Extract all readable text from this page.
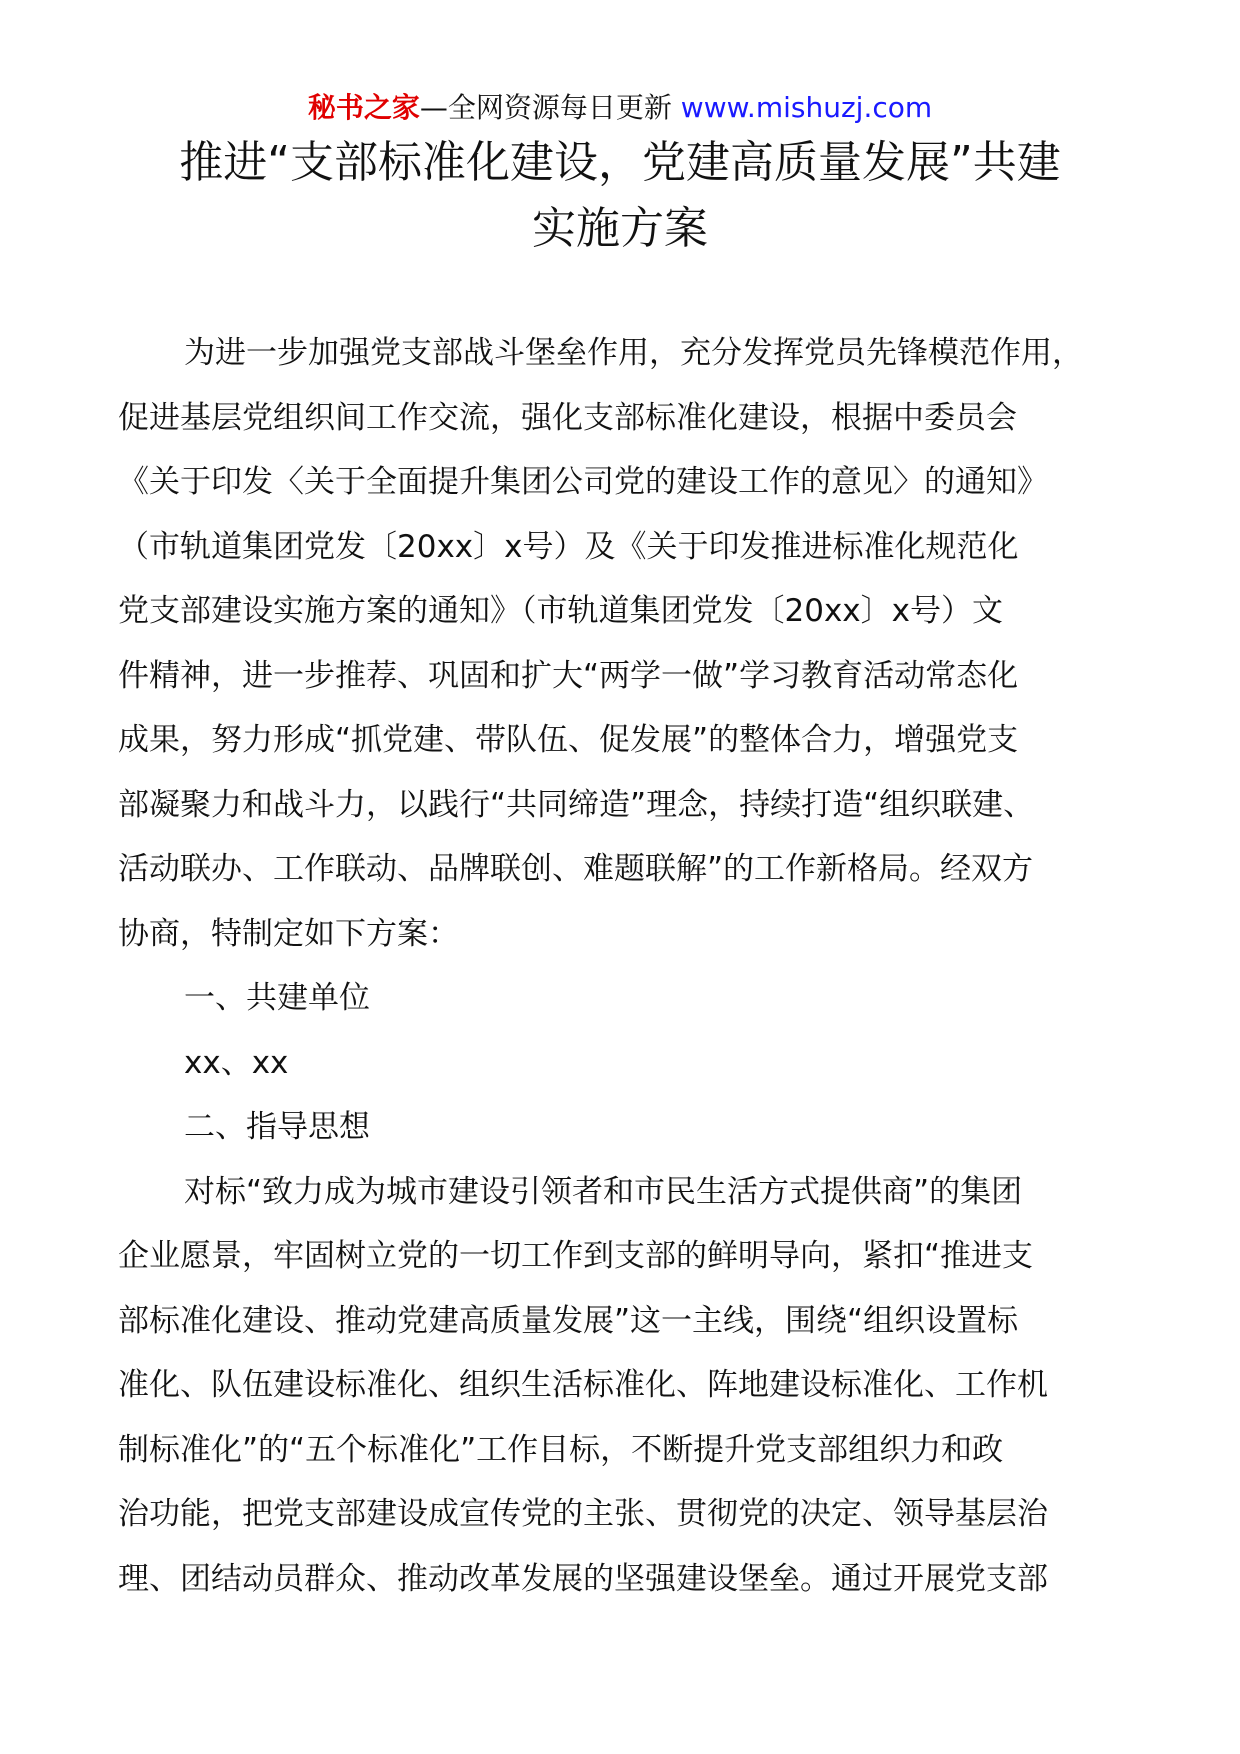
秘书之家—全网资源每日更新 www.mishuzj.com
推进“支部标准化建设，党建高质量发展”共建
实施方案
为进一步加强党支部战斗堡垒作用，充分发挥党员先锋模范作用，
促进基层党组织间工作交流，强化支部标准化建设，根据中委员会
《关于印发〈关于全面提升集团公司党的建设工作的意见〉的通知》
（市轨道集团党发〔20xx〕x号）及《关于印发推进标准化规范化
党支部建设实施方案的通知》（市轨道集团党发〔20xx〕x号）文
件精神，进一步推荐、巩固和扩大“两学一做”学习教育活动常态化
成果，努力形成“抓党建、带队伍、促发展”的整体合力，增强党支
部凝聚力和战斗力，以践行“共同缔造”理念，持续打造“组织联建、
活动联办、工作联动、品牌联创、难题联解”的工作新格局。经双方
协商，特制定如下方案：
一、共建单位
xx、xx
二、指导思想
对标“致力成为城市建设引领者和市民生活方式提供商”的集团
企业愿景，牢固树立党的一切工作到支部的鲜明导向，紧扣“推进支
部标准化建设、推动党建高质量发展”这一主线，围绕“组织设置标
准化、队伍建设标准化、组织生活标准化、阵地建设标准化、工作机
制标准化”的“五个标准化”工作目标，不断提升党支部组织力和政
治功能，把党支部建设成宣传党的主张、贯彻党的决定、领导基层治
理、团结动员群众、推动改革发展的坚强建设堡垒。通过开展党支部
